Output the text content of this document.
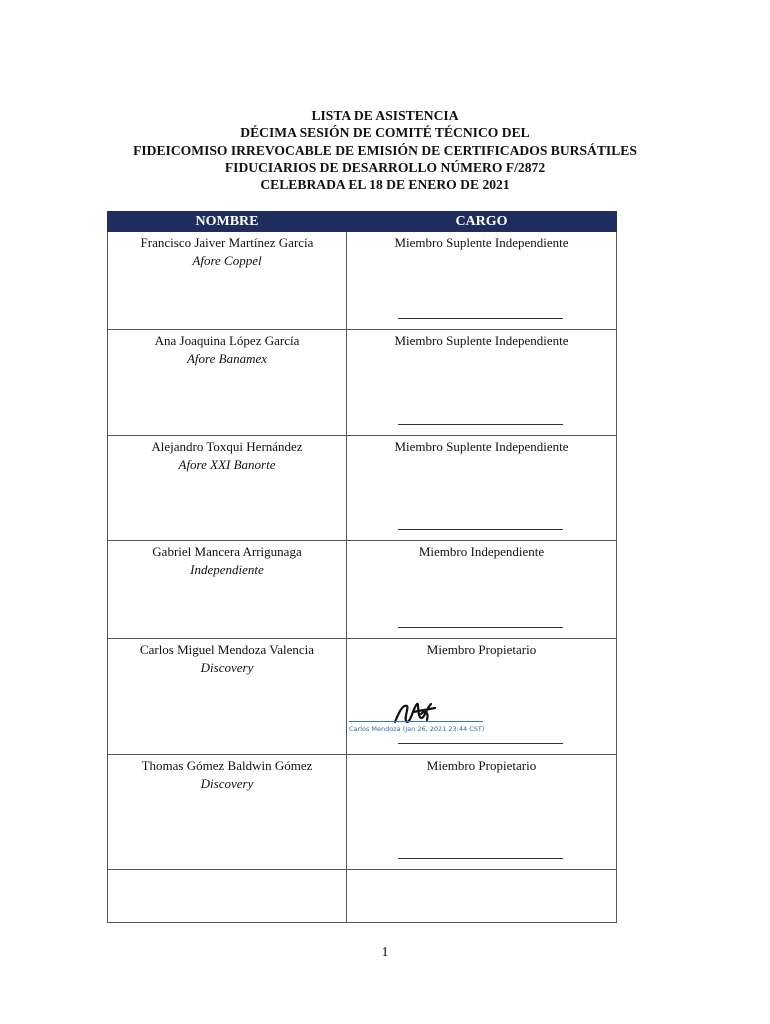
LISTA DE ASISTENCIA
DÉCIMA SESIÓN DE COMITÉ TÉCNICO DEL
FIDEICOMISO IRREVOCABLE DE EMISIÓN DE CERTIFICADOS BURSÁTILES
FIDUCIARIOS DE DESARROLLO NÚMERO F/2872
CELEBRADA EL 18 DE ENERO DE 2021
NOMBRE	CARGO

Francisco Jaiver Martínez García
Afore Coppel	Miembro Suplente Independiente

Ana Joaquina López García
Afore Banamex	Miembro Suplente Independiente

Alejandro Toxqui Hernández
Afore XXI Banorte	Miembro Suplente Independiente

Gabriel Mancera Arrigunaga
Independiente	Miembro Independiente

Carlos Miguel Mendoza Valencia
Discovery	Miembro Propietario
Carlos Mendoza (Jan 26, 2021 23:44 CST)

Thomas Gómez Baldwin Gómez
Discovery	Miembro Propietario

1
